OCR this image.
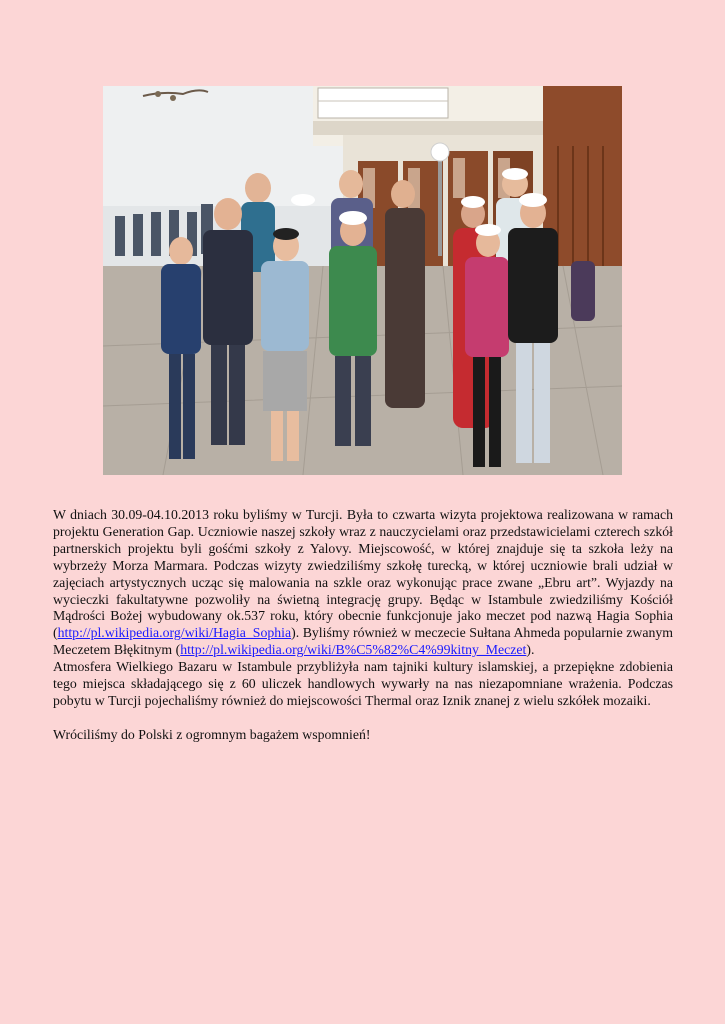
W dniach 30.09-04.10.2013 roku byliśmy w Turcji. Była to czwarta wizyta projektowa realizowana w ramach projektu Generation Gap. Uczniowie naszej szkoły wraz z nauczycielami oraz przedstawicielami czterech szkół partnerskich projektu byli gośćmi szkoły z Yalovy. Miejscowość, w której znajduje się ta szkoła leży na wybrzeży Morza Marmara. Podczas wizyty zwiedziliśmy szkołę turecką, w której uczniowie brali udział w zajęciach artystycznych ucząc się malowania na szkle oraz wykonując prace zwane „Ebru art”. Wyjazdy na wycieczki fakultatywne pozwoliły na świetną integrację grupy. Będąc w Istambule zwiedziliśmy Kościół Mądrości Bożej wybudowany ok.537 roku, który obecnie funkcjonuje jako meczet pod nazwą Hagia Sophia (http://pl.wikipedia.org/wiki/Hagia_Sophia). Byliśmy również w meczecie Sułtana Ahmeda popularnie zwanym Meczetem Błękitnym (http://pl.wikipedia.org/wiki/B%C5%82%C4%99kitny_Meczet).

Atmosfera Wielkiego Bazaru w Istambule przybliżyła nam tajniki kultury islamskiej, a przepiękne zdobienia tego miejsca składającego się z 60 uliczek handlowych wywarły na nas niezapomniane wrażenia. Podczas pobytu w Turcji pojechaliśmy również do miejscowości Thermal oraz Iznik znanej z wielu szkółek mozaiki.

Wróciliśmy do Polski z ogromnym bagażem wspomnień!
